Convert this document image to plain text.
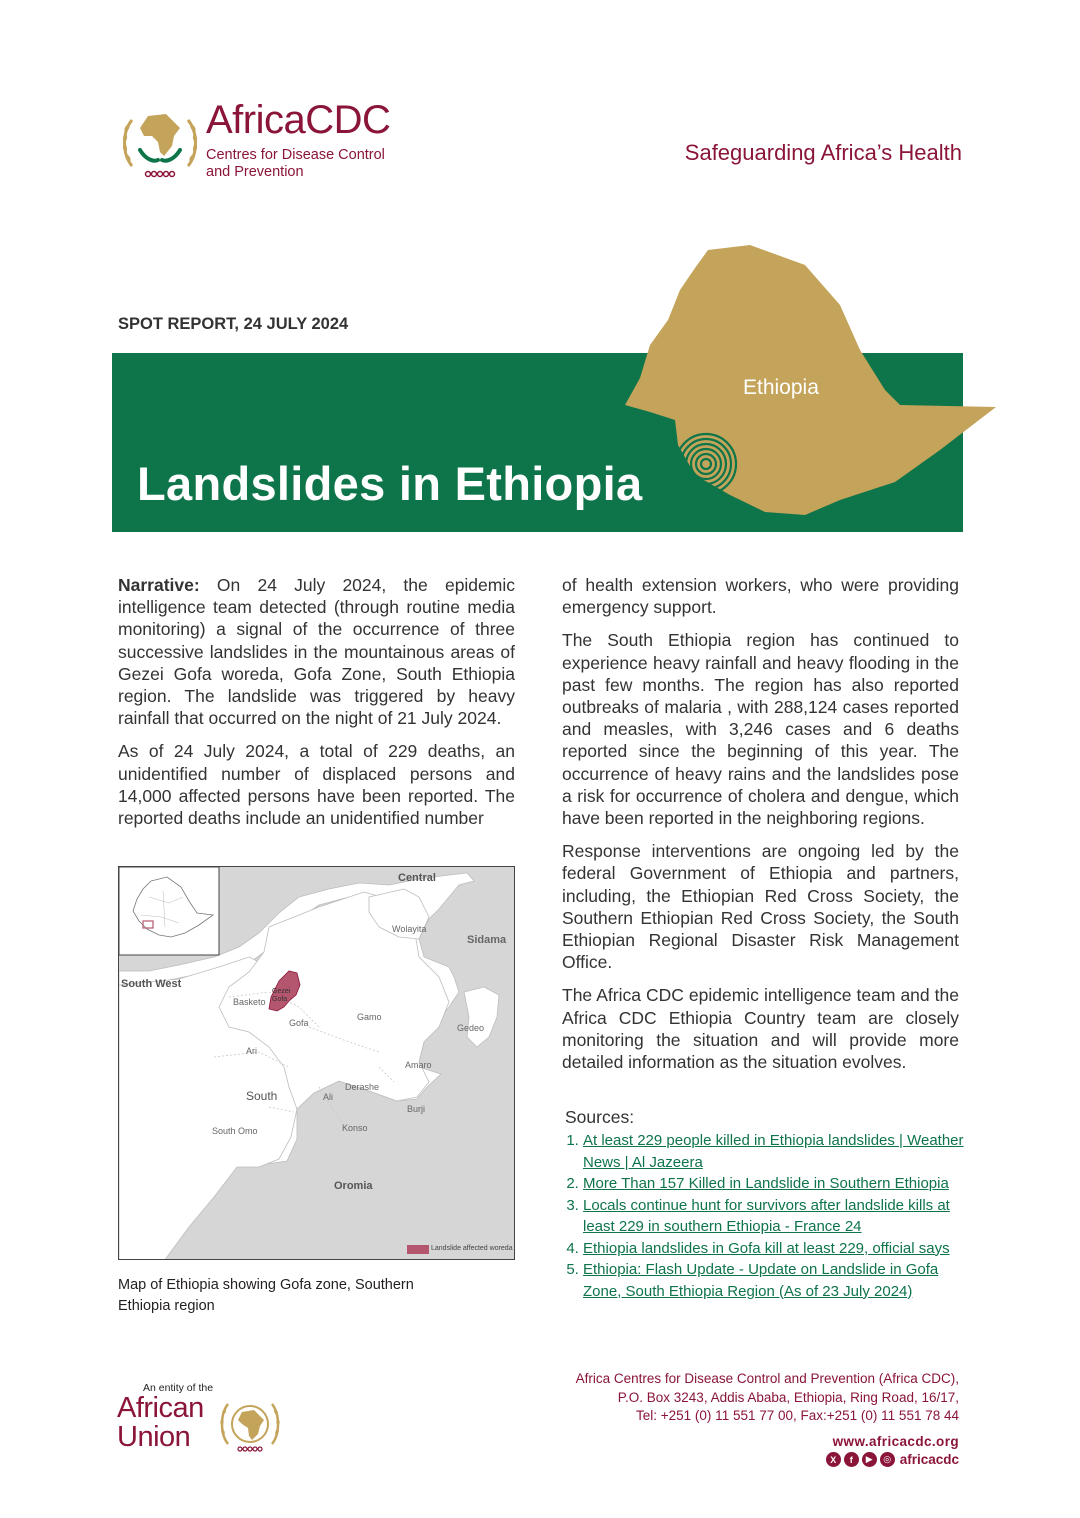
AfricaCDC
Centres for Disease Control
and Prevention
Safeguarding Africa’s Health
SPOT REPORT, 24 JULY 2024
Ethiopia
Landslides in Ethiopia

Narrative: On 24 July 2024, the epidemic intelligence team detected (through routine media monitoring) a signal of the occurrence of three successive landslides in the mountainous areas of Gezei Gofa woreda, Gofa Zone, South Ethiopia region. The landslide was triggered by heavy rainfall that occurred on the night of 21 July 2024.

As of 24 July 2024, a total of 229 deaths, an unidentified number of displaced persons and 14,000 affected persons have been reported. The reported deaths include an unidentified number

Central
Wolayita
Sidama
South West
Basketo
Gezei
Gofa
Gofa
Gamo
Gedeo
Ari
Amaro
Derashe
South	Ali
Burji
South Omo	Konso
Oromia
Landslide affected woreda
Map of Ethiopia showing Gofa zone, Southern Ethiopia region

of health extension workers, who were providing emergency support.

The South Ethiopia region has continued to experience heavy rainfall and heavy flooding in the past few months. The region has also reported outbreaks of malaria , with 288,124 cases reported and measles, with 3,246 cases and 6 deaths reported since the beginning of this year. The occurrence of heavy rains and the landslides pose a risk for occurrence of cholera and dengue, which have been reported in the neighboring regions.

Response interventions are ongoing led by the federal Government of Ethiopia and partners, including, the Ethiopian Red Cross Society, the Southern Ethiopian Red Cross Society, the South Ethiopian Regional Disaster Risk Management Office.

The Africa CDC epidemic intelligence team and the Africa CDC Ethiopia Country team are closely monitoring the situation and will provide more detailed information as the situation evolves.

Sources:
1. At least 229 people killed in Ethiopia landslides | Weather News | Al Jazeera
2. More Than 157 Killed in Landslide in Southern Ethiopia
3. Locals continue hunt for survivors after landslide kills at least 229 in southern Ethiopia - France 24
4. Ethiopia landslides in Gofa kill at least 229, official says
5. Ethiopia: Flash Update - Update on Landslide in Gofa Zone, South Ethiopia Region (As of 23 July 2024)
An entity of the
African
Union
Africa Centres for Disease Control and Prevention (Africa CDC),
P.O. Box 3243, Addis Ababa, Ethiopia, Ring Road, 16/17,
Tel: +251 (0) 11 551 77 00, Fax:+251 (0) 11 551 78 44
www.africacdc.org
X	f	▶	◎ africacdc
